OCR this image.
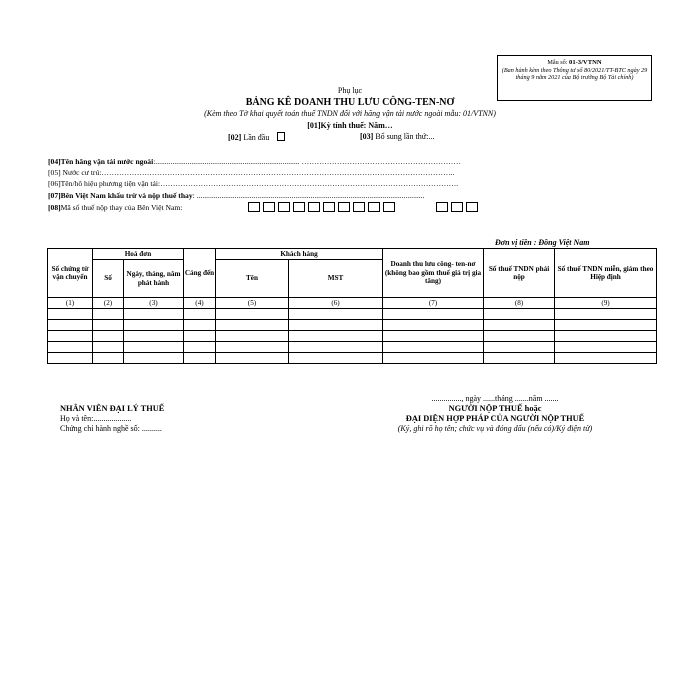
Mẫu số: 01-3/VTNN
(Ban hành kèm theo Thông tư số 80/2021/TT-BTC ngày 29 tháng 9 năm 2021 của Bộ trưởng Bộ Tài chính)
Phụ lục
BẢNG KÊ DOANH THU LƯU CÔNG-TEN-NƠ
(Kèm theo Tờ khai quyết toán thuế TNDN đối với hãng vận tải nước ngoài mẫu: 01/VTNN)
[01]Kỳ tính thuế: Năm…
[02] Lần đầu	[03] Bổ sung lần thứ:...
[04]Tên hãng vận tải nước ngoài:............................................................................ ………………………………………………………
[05] Nước cư trú:…………………………………………………………………………………………………………………………..
[06]Tên/hô hiệu phương tiện vận tải:……………………………………………………………………………………………………….
[07]Bên Việt Nam khấu trừ và nộp thuế thay: ........................................................................................................................
[08]Mã số thuế nộp thay của Bên Việt Nam:
Đơn vị tiền : Đồng Việt Nam
Số chứng từ vận chuyển	Hoá đơn		Cảng đến	Khách hàng		Doanh thu lưu công- ten-nơ (không bao gồm thuế giá trị gia tăng)	Số thuế TNDN phải nộp	Số thuế TNDN miễn, giảm theo Hiệp định
	Số	Ngày, tháng, năm phát hành		Tên	MST			
(1)	(2)	(3)	(4)	(5)	(6)	(7)	(8)	(9)

..............., ngày ......tháng .......năm .......
NHÂN VIÊN ĐẠI LÝ THUẾ
Họ và tên:...................
Chứng chỉ hành nghề số: ..........
NGƯỜI NỘP THUẾ hoặc
ĐẠI DIỆN HỢP PHÁP CỦA NGƯỜI NỘP THUẾ
(Ký, ghi rõ họ tên; chức vụ và đóng dấu (nếu có)/Ký điện tử)
